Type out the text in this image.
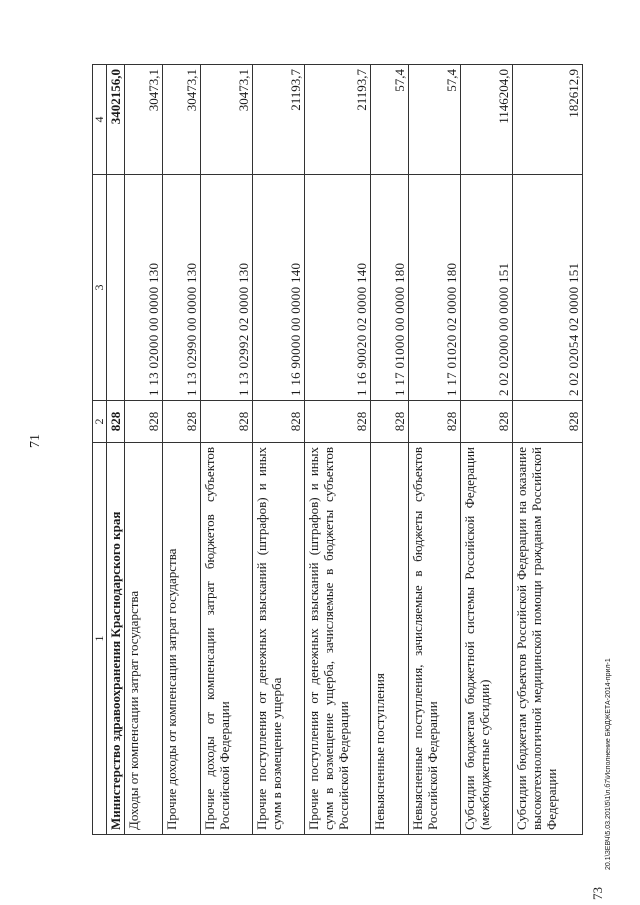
71
73
20.1\ЗЕВЧ\5.03.201\5\1\л.б7\Исполнение БЮДЖЕТА-2014-прил-1
1	2	3	4
Министерство здравоохранения Краснодарского края	828		3402156,0
Доходы от компенсации затрат государства	828	1 13 02000 00 0000 130	30473,1
Прочие доходы от компенсации затрат государства	828	1 13 02990 00 0000 130	30473,1
Прочие доходы от компенсации затрат бюджетов субъектов Российской Федерации	828	1 13 02992 02 0000 130	30473,1
Прочие поступления от денежных взысканий (штрафов) и иных сумм в возмещение ущерба	828	1 16 90000 00 0000 140	21193,7
Прочие поступления от денежных взысканий (штрафов) и иных сумм в возмещение ущерба, зачисляемые в бюджеты субъектов Российской Федерации	828	1 16 90020 02 0000 140	21193,7
Невыясненные поступления	828	1 17 01000 00 0000 180	57,4
Невыясненные поступления, зачисляемые в бюджеты субъектов Российской Федерации	828	1 17 01020 02 0000 180	57,4
Субсидии бюджетам бюджетной системы Российской Федерации (межбюджетные субсидии)	828	2 02 02000 00 0000 151	1146204,0
Субсидии бюджетам субъектов Российской Федерации на оказание высокотехнологичной медицинской помощи гражданам Российской Федерации	828	2 02 02054 02 0000 151	182612,9
